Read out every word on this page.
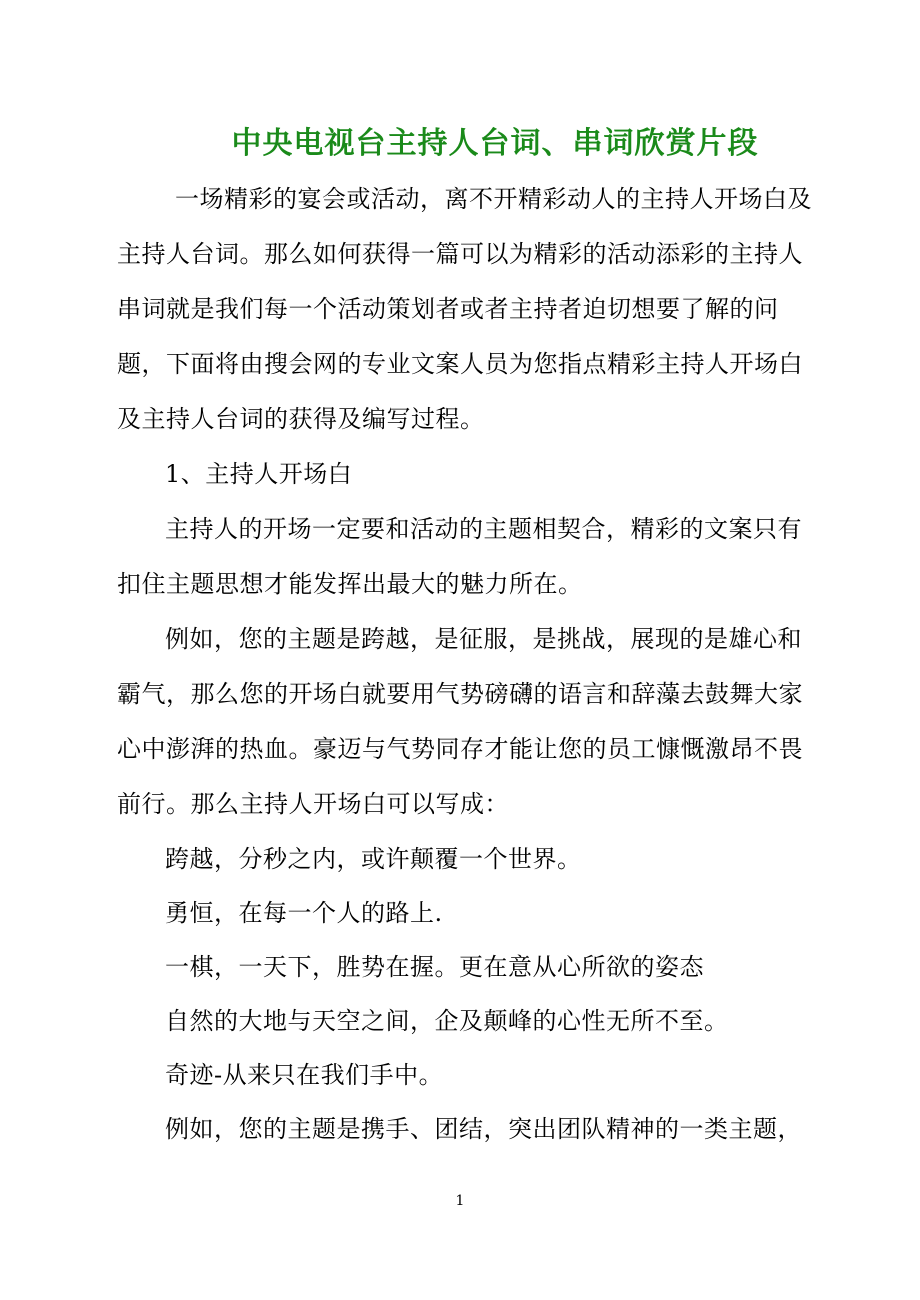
中央电视台主持人台词、串词欣赏片段

一场精彩的宴会或活动，离不开精彩动人的主持人开场白及主持人台词。那么如何获得一篇可以为精彩的活动添彩的主持人串词就是我们每一个活动策划者或者主持者迫切想要了解的问题，下面将由搜会网的专业文案人员为您指点精彩主持人开场白及主持人台词的获得及编写过程。

1、主持人开场白

主持人的开场一定要和活动的主题相契合，精彩的文案只有扣住主题思想才能发挥出最大的魅力所在。

例如，您的主题是跨越，是征服，是挑战，展现的是雄心和霸气，那么您的开场白就要用气势磅礴的语言和辞藻去鼓舞大家心中澎湃的热血。豪迈与气势同存才能让您的员工慷慨激昂不畏前行。那么主持人开场白可以写成：

跨越，分秒之内，或许颠覆一个世界。

勇恒，在每一个人的路上.

一棋，一天下，胜势在握。更在意从心所欲的姿态

自然的大地与天空之间，企及颠峰的心性无所不至。

奇迹-从来只在我们手中。

例如，您的主题是携手、团结，突出团队精神的一类主题，

1
